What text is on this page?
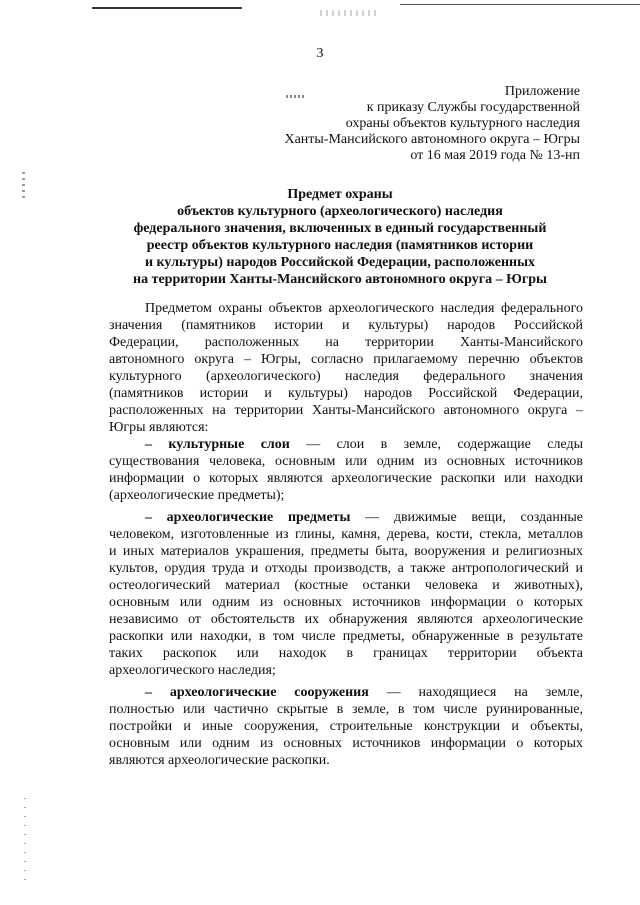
3
Приложение
к приказу Службы государственной
охраны объектов культурного наследия
Ханты-Мансийского автономного округа – Югры
от 16 мая 2019 года № 13-нп
Предмет охраны
объектов культурного (археологического) наследия
федерального значения, включенных в единый государственный
реестр объектов культурного наследия (памятников истории
и культуры) народов Российской Федерации, расположенных
на территории Ханты-Мансийского автономного округа – Югры
Предметом охраны объектов археологического наследия федерального
значения (памятников истории и культуры) народов Российской
Федерации, расположенных на территории Ханты-Мансийского
автономного округа – Югры, согласно прилагаемому перечню объектов
культурного (археологического) наследия федерального значения
(памятников истории и культуры) народов Российской Федерации,
расположенных на территории Ханты-Мансийского автономного округа –
Югры являются:
– культурные слои — слои в земле, содержащие следы
существования человека, основным или одним из основных источников
информации о которых являются археологические раскопки или находки
(археологические предметы);
– археологические предметы — движимые вещи, созданные
человеком, изготовленные из глины, камня, дерева, кости, стекла, металлов
и иных материалов украшения, предметы быта, вооружения и религиозных
культов, орудия труда и отходы производств, а также антропологический и
остеологический материал (костные останки человека и животных),
основным или одним из основных источников информации о которых
независимо от обстоятельств их обнаружения являются археологические
раскопки или находки, в том числе предметы, обнаруженные в результате
таких раскопок или находок в границах территории объекта
археологического наследия;
– археологические сооружения — находящиеся на земле,
полностью или частично скрытые в земле, в том числе руинированные,
постройки и иные сооружения, строительные конструкции и объекты,
основным или одним из основных источников информации о которых
являются археологические раскопки.
